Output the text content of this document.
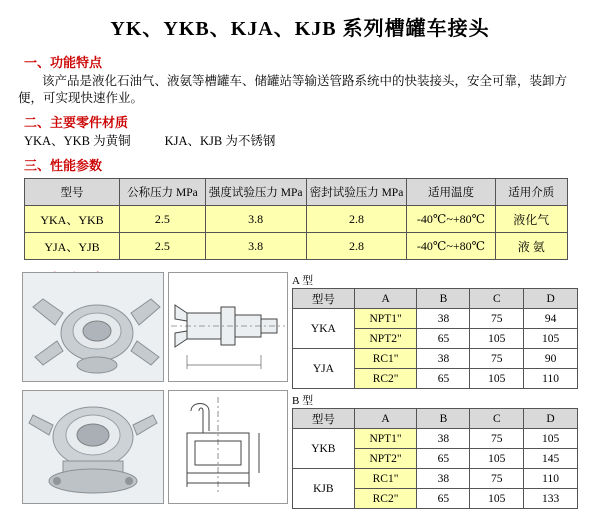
YK、YKB、KJA、KJB 系列槽罐车接头
一、功能特点
该产品是液化石油气、液氨等槽罐车、储罐站等输送管路系统中的快装接头，安全可靠，装卸方便，可实现快速作业。
二、主要零件材质
YKA、YKB 为黄铜	KJA、KJB 为不锈钢
三、性能参数
型号	公称压力 MPa	强度试验压力 MPa	密封试验压力 MPa	适用温度	适用介质
YKA、YKB	2.5	3.8	2.8	-40℃~+80℃	液化气
YJA、YJB	2.5	3.8	2.8	-40℃~+80℃	液 氨
A 型
型号	A	B	C	D
YKA	NPT1"	38	75	94
	NPT2"	65	105	105
YJA	RC1"	38	75	90
	RC2"	65	105	110
B 型
型号	A	B	C	D
YKB	NPT1"	38	75	105
	NPT2"	65	105	145
KJB	RC1"	38	75	110
	RC2"	65	105	133
